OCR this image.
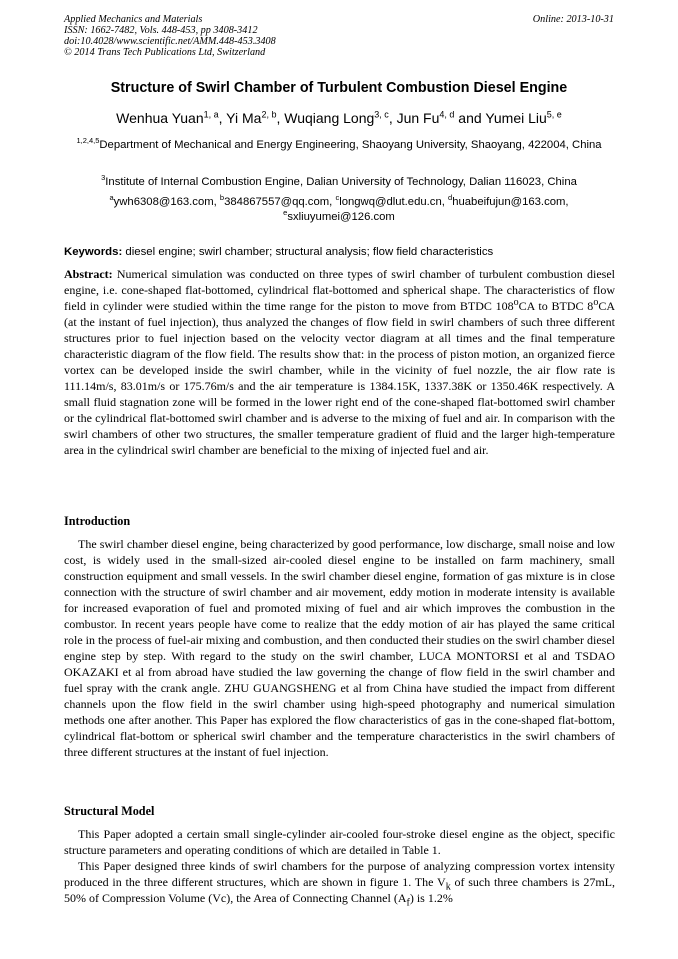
Applied Mechanics and Materials
ISSN: 1662-7482, Vols. 448-453, pp 3408-3412
doi:10.4028/www.scientific.net/AMM.448-453.3408
© 2014 Trans Tech Publications Ltd, Switzerland
Online: 2013-10-31
Structure of Swirl Chamber of Turbulent Combustion Diesel Engine
Wenhua Yuan$^{1, a}$, Yi Ma$^{2, b}$, Wuqiang Long$^{3, c}$, Jun Fu$^{4, d}$ and Yumei Liu$^{5, e}$
$^{1,2,4,5}$Department of Mechanical and Energy Engineering, Shaoyang University, Shaoyang, 422004, China
$^3$Institute of Internal Combustion Engine, Dalian University of Technology, Dalian 116023, China
$^a$ywh6308@163.com, $^b$384867557@qq.com, $^c$longwq@dlut.edu.cn, $^d$huabeifujun@163.com,
$^e$sxliuyumei@126.com
Keywords: diesel engine; swirl chamber; structural analysis; flow field characteristics
Abstract: Numerical simulation was conducted on three types of swirl chamber of turbulent combustion diesel engine, i.e. cone-shaped flat-bottomed, cylindrical flat-bottomed and spherical shape. The characteristics of flow field in cylinder were studied within the time range for the piston to move from BTDC 108$^o$CA to BTDC 8$^o$CA (at the instant of fuel injection), thus analyzed the changes of flow field in swirl chambers of such three different structures prior to fuel injection based on the velocity vector diagram at all times and the final temperature characteristic diagram of the flow field. The results show that: in the process of piston motion, an organized fierce vortex can be developed inside the swirl chamber, while in the vicinity of fuel nozzle, the air flow rate is 111.14m/s, 83.01m/s or 175.76m/s and the air temperature is 1384.15K, 1337.38K or 1350.46K respectively. A small fluid stagnation zone will be formed in the lower right end of the cone-shaped flat-bottomed swirl chamber or the cylindrical flat-bottomed swirl chamber and is adverse to the mixing of fuel and air. In comparison with the swirl chambers of other two structures, the smaller temperature gradient of fluid and the larger high-temperature area in the cylindrical swirl chamber are beneficial to the mixing of injected fuel and air.
Introduction
The swirl chamber diesel engine, being characterized by good performance, low discharge, small noise and low cost, is widely used in the small-sized air-cooled diesel engine to be installed on farm machinery, small construction equipment and small vessels. In the swirl chamber diesel engine, formation of gas mixture is in close connection with the structure of swirl chamber and air movement, eddy motion in moderate intensity is available for increased evaporation of fuel and promoted mixing of fuel and air which improves the combustion in the combustor. In recent years people have come to realize that the eddy motion of air has played the same critical role in the process of fuel-air mixing and combustion, and then conducted their studies on the swirl chamber diesel engine step by step. With regard to the study on the swirl chamber, LUCA MONTORSI et al and TSDAO OKAZAKI et al from abroad have studied the law governing the change of flow field in the swirl chamber and fuel spray with the crank angle. ZHU GUANGSHENG et al from China have studied the impact from different channels upon the flow field in the swirl chamber using high-speed photography and numerical simulation methods one after another. This Paper has explored the flow characteristics of gas in the cone-shaped flat-bottom, cylindrical flat-bottom or spherical swirl chamber and the temperature characteristics in the swirl chambers of three different structures at the instant of fuel injection.
Structural Model

This Paper adopted a certain small single-cylinder air-cooled four-stroke diesel engine as the object, specific structure parameters and operating conditions of which are detailed in Table 1.

This Paper designed three kinds of swirl chambers for the purpose of analyzing compression vortex intensity produced in the three different structures, which are shown in figure 1. The $V_k$ of such three chambers is 27mL, 50% of Compression Volume (Vc), the Area of Connecting Channel $(A_f)$ is 1.2%
